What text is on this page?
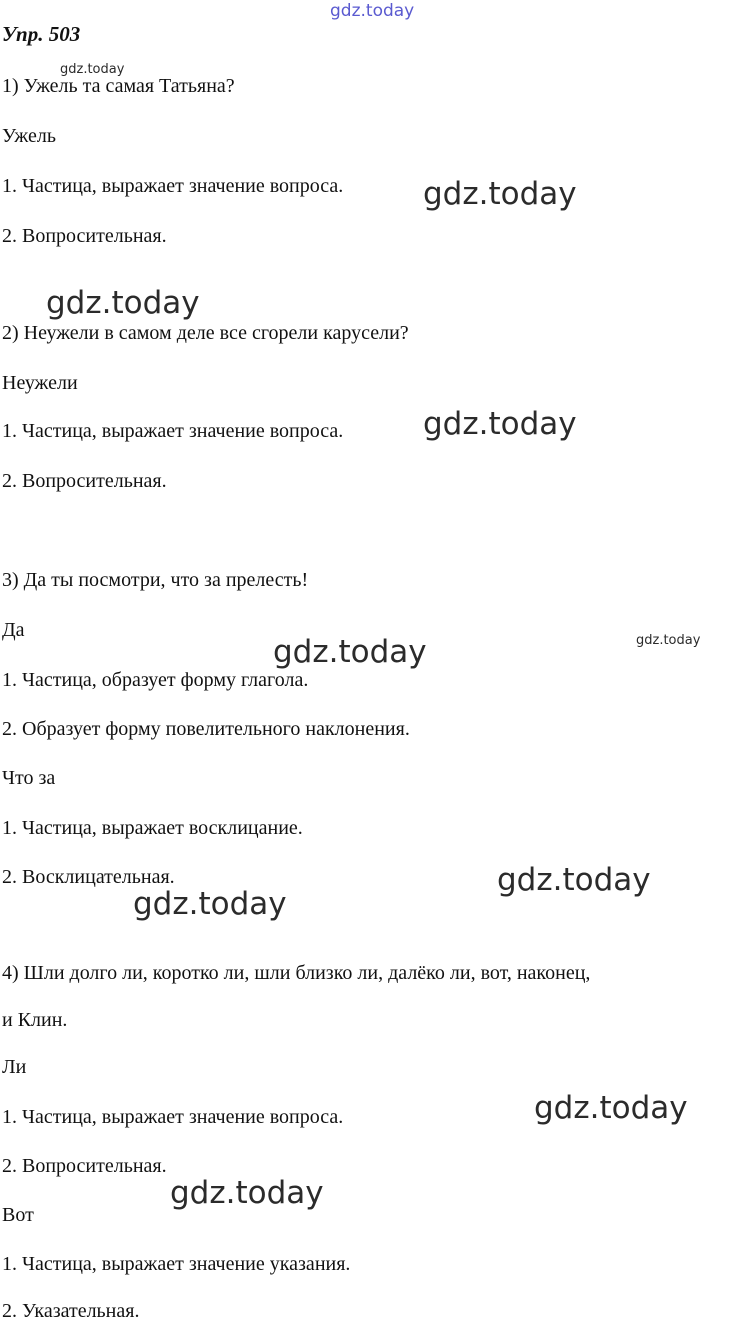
Упр. 503
1) Ужель та самая Татьяна?
Ужель
1. Частица, выражает значение вопроса.
2. Вопросительная.
2) Неужели в самом деле все сгорели карусели?
Неужели
1. Частица, выражает значение вопроса.
2. Вопросительная.
3) Да ты посмотри, что за прелесть!
Да
1. Частица, образует форму глагола.
2. Образует форму повелительного наклонения.
Что за
1. Частица, выражает восклицание.
2. Восклицательная.
4) Шли долго ли, коротко ли, шли близко ли, далёко ли, вот, наконец,
и Клин.
Ли
1. Частица, выражает значение вопроса.
2. Вопросительная.
Вот
1. Частица, выражает значение указания.
2. Указательная.
gdz.today
gdz.today
gdz.today
gdz.today
gdz.today
gdz.today
gdz.today
gdz.today
gdz.today
gdz.today
gdz.today
